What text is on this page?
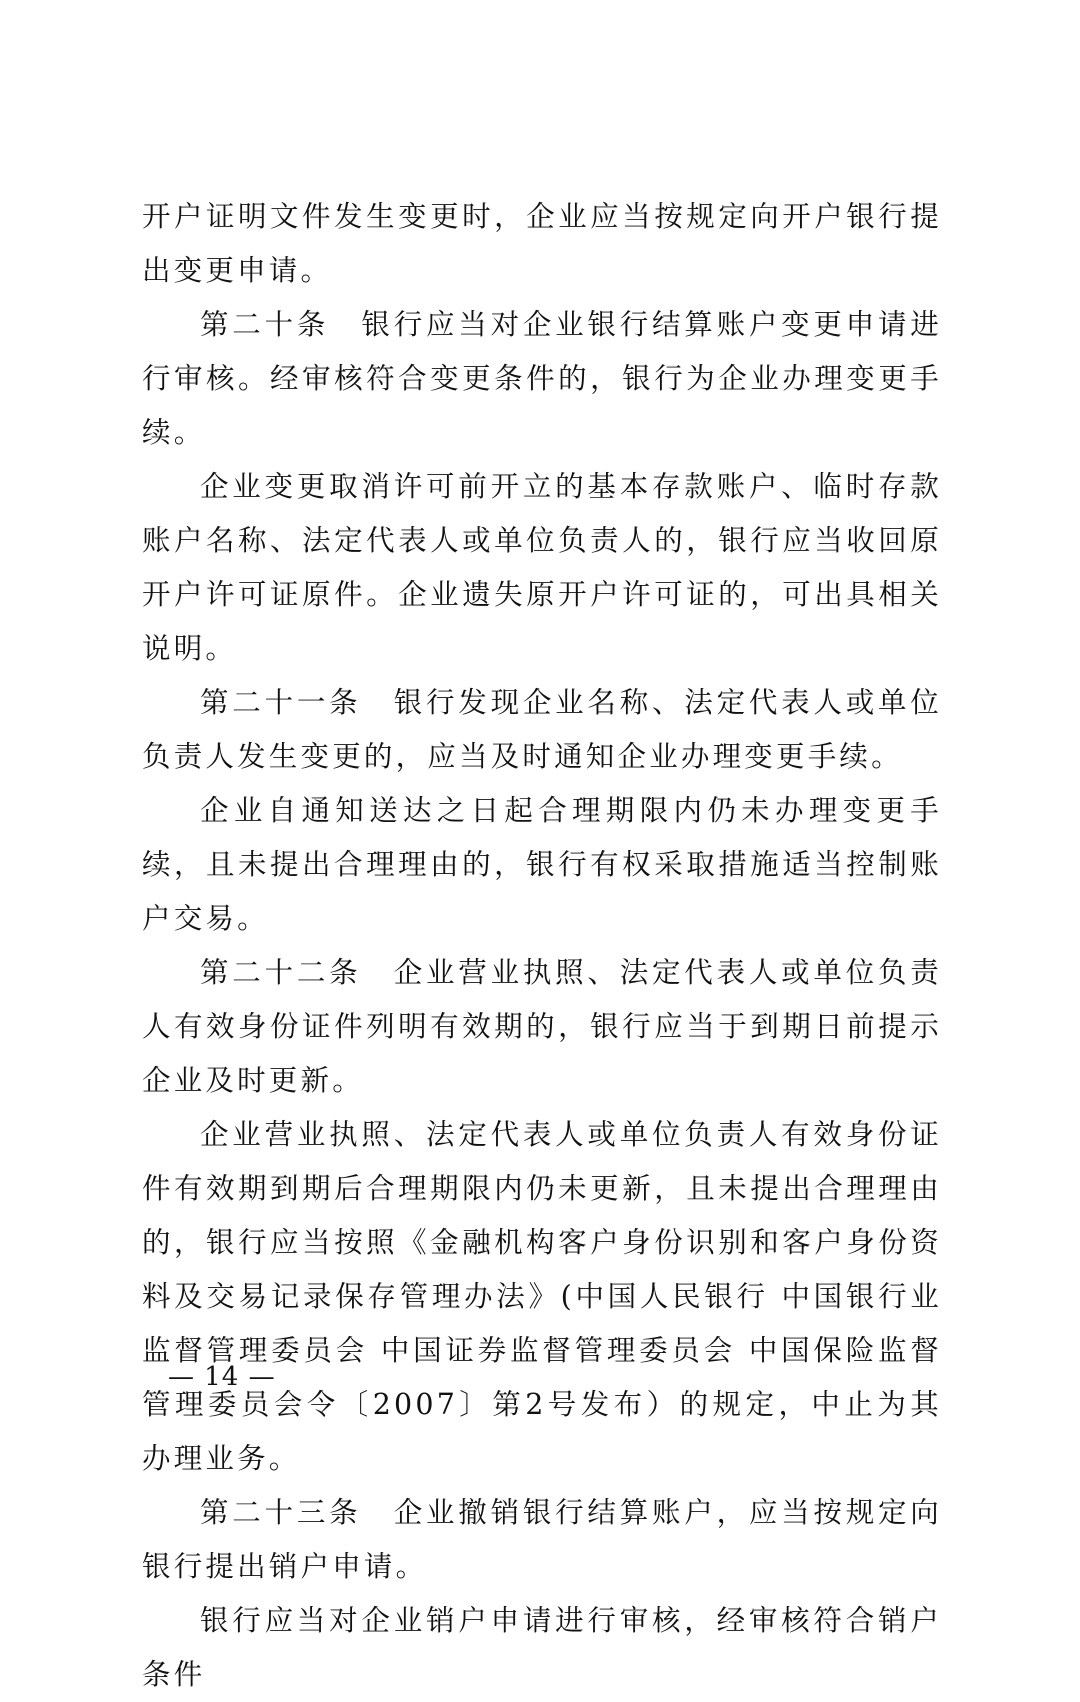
开户证明文件发生变更时，企业应当按规定向开户银行提出变更申请。

第二十条　银行应当对企业银行结算账户变更申请进行审核。经审核符合变更条件的，银行为企业办理变更手续。

企业变更取消许可前开立的基本存款账户、临时存款账户名称、法定代表人或单位负责人的，银行应当收回原开户许可证原件。企业遗失原开户许可证的，可出具相关说明。

第二十一条　银行发现企业名称、法定代表人或单位负责人发生变更的，应当及时通知企业办理变更手续。

企业自通知送达之日起合理期限内仍未办理变更手续，且未提出合理理由的，银行有权采取措施适当控制账户交易。

第二十二条　企业营业执照、法定代表人或单位负责人有效身份证件列明有效期的，银行应当于到期日前提示企业及时更新。

企业营业执照、法定代表人或单位负责人有效身份证件有效期到期后合理期限内仍未更新，且未提出合理理由的，银行应当按照《金融机构客户身份识别和客户身份资料及交易记录保存管理办法》(中国人民银行 中国银行业监督管理委员会 中国证券监督管理委员会 中国保险监督管理委员会令〔2007〕第2号发布）的规定，中止为其办理业务。

第二十三条　企业撤销银行结算账户，应当按规定向银行提出销户申请。

银行应当对企业销户申请进行审核，经审核符合销户条件

— 14 —
